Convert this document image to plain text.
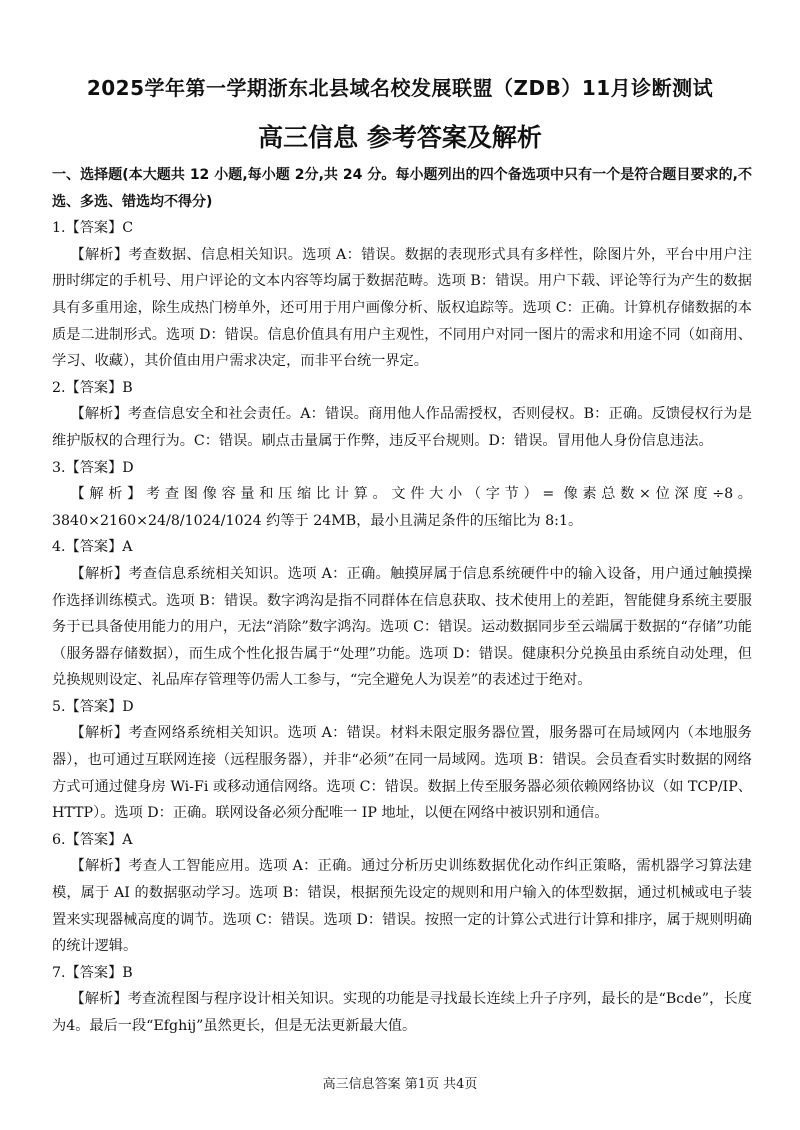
2025学年第一学期浙东北县域名校发展联盟（ZDB）11月诊断测试
高三信息 参考答案及解析

一、选择题(本大题共 12 小题,每小题 2分,共 24 分。每小题列出的四个备选项中只有一个是符合题目要求的,不选、多选、错选均不得分)

1.【答案】C

【解析】考查数据、信息相关知识。选项 A：错误。数据的表现形式具有多样性，除图片外，平台中用户注册时绑定的手机号、用户评论的文本内容等均属于数据范畴。选项 B：错误。用户下载、评论等行为产生的数据具有多重用途，除生成热门榜单外，还可用于用户画像分析、版权追踪等。选项 C：正确。计算机存储数据的本质是二进制形式。选项 D：错误。信息价值具有用户主观性，不同用户对同一图片的需求和用途不同（如商用、学习、收藏），其价值由用户需求决定，而非平台统一界定。

2.【答案】B

【解析】考查信息安全和社会责任。A：错误。商用他人作品需授权，否则侵权。B：正确。反馈侵权行为是维护版权的合理行为。C：错误。刷点击量属于作弊，违反平台规则。D：错误。冒用他人身份信息违法。

3.【答案】D

【解析】考查图像容量和压缩比计算。文件大小（字节）= 像素总数×位深度÷8。3840×2160×24/8/1024/1024 约等于 24MB，最小且满足条件的压缩比为 8:1。

4.【答案】A

【解析】考查信息系统相关知识。选项 A：正确。触摸屏属于信息系统硬件中的输入设备，用户通过触摸操作选择训练模式。选项 B：错误。数字鸿沟是指不同群体在信息获取、技术使用上的差距，智能健身系统主要服务于已具备使用能力的用户，无法“消除”数字鸿沟。选项 C：错误。运动数据同步至云端属于数据的“存储”功能（服务器存储数据），而生成个性化报告属于“处理”功能。选项 D：错误。健康积分兑换虽由系统自动处理，但兑换规则设定、礼品库存管理等仍需人工参与，“完全避免人为误差”的表述过于绝对。

5.【答案】D

【解析】考查网络系统相关知识。选项 A：错误。材料未限定服务器位置，服务器可在局域网内（本地服务器），也可通过互联网连接（远程服务器），并非“必须”在同一局域网。选项 B：错误。会员查看实时数据的网络方式可通过健身房 Wi-Fi 或移动通信网络。选项 C：错误。数据上传至服务器必须依赖网络协议（如 TCP/IP、HTTP）。选项 D：正确。联网设备必须分配唯一 IP 地址，以便在网络中被识别和通信。

6.【答案】A

【解析】考查人工智能应用。选项 A：正确。通过分析历史训练数据优化动作纠正策略，需机器学习算法建模，属于 AI 的数据驱动学习。选项 B：错误，根据预先设定的规则和用户输入的体型数据，通过机械或电子装置来实现器械高度的调节。选项 C：错误。选项 D：错误。按照一定的计算公式进行计算和排序，属于规则明确的统计逻辑。

7.【答案】B

【解析】考查流程图与程序设计相关知识。实现的功能是寻找最长连续上升子序列，最长的是“Bcde”，长度为4。最后一段“Efghij”虽然更长，但是无法更新最大值。

高三信息答案 第1页 共4页
